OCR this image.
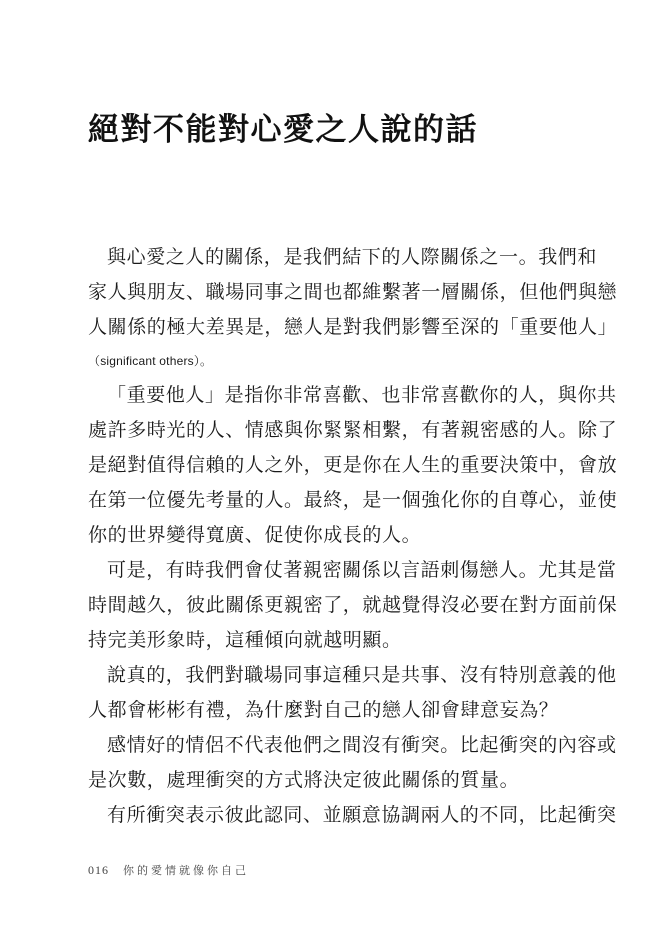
絕對不能對心愛之人說的話
與心愛之人的關係，是我們結下的人際關係之一。我們和
家人與朋友、職場同事之間也都維繫著一層關係，但他們與戀
人關係的極大差異是，戀人是對我們影響至深的「重要他人」
（significant others）。
「重要他人」是指你非常喜歡、也非常喜歡你的人，與你共
處許多時光的人、情感與你緊緊相繫，有著親密感的人。除了
是絕對值得信賴的人之外，更是你在人生的重要決策中，會放
在第一位優先考量的人。最終，是一個強化你的自尊心，並使
你的世界變得寬廣、促使你成長的人。
可是，有時我們會仗著親密關係以言語刺傷戀人。尤其是當
時間越久，彼此關係更親密了，就越覺得沒必要在對方面前保
持完美形象時，這種傾向就越明顯。
說真的，我們對職場同事這種只是共事、沒有特別意義的他
人都會彬彬有禮，為什麼對自己的戀人卻會肆意妄為？
感情好的情侶不代表他們之間沒有衝突。比起衝突的內容或
是次數，處理衝突的方式將決定彼此關係的質量。
有所衝突表示彼此認同、並願意協調兩人的不同，比起衝突
016 你的愛情就像你自己
